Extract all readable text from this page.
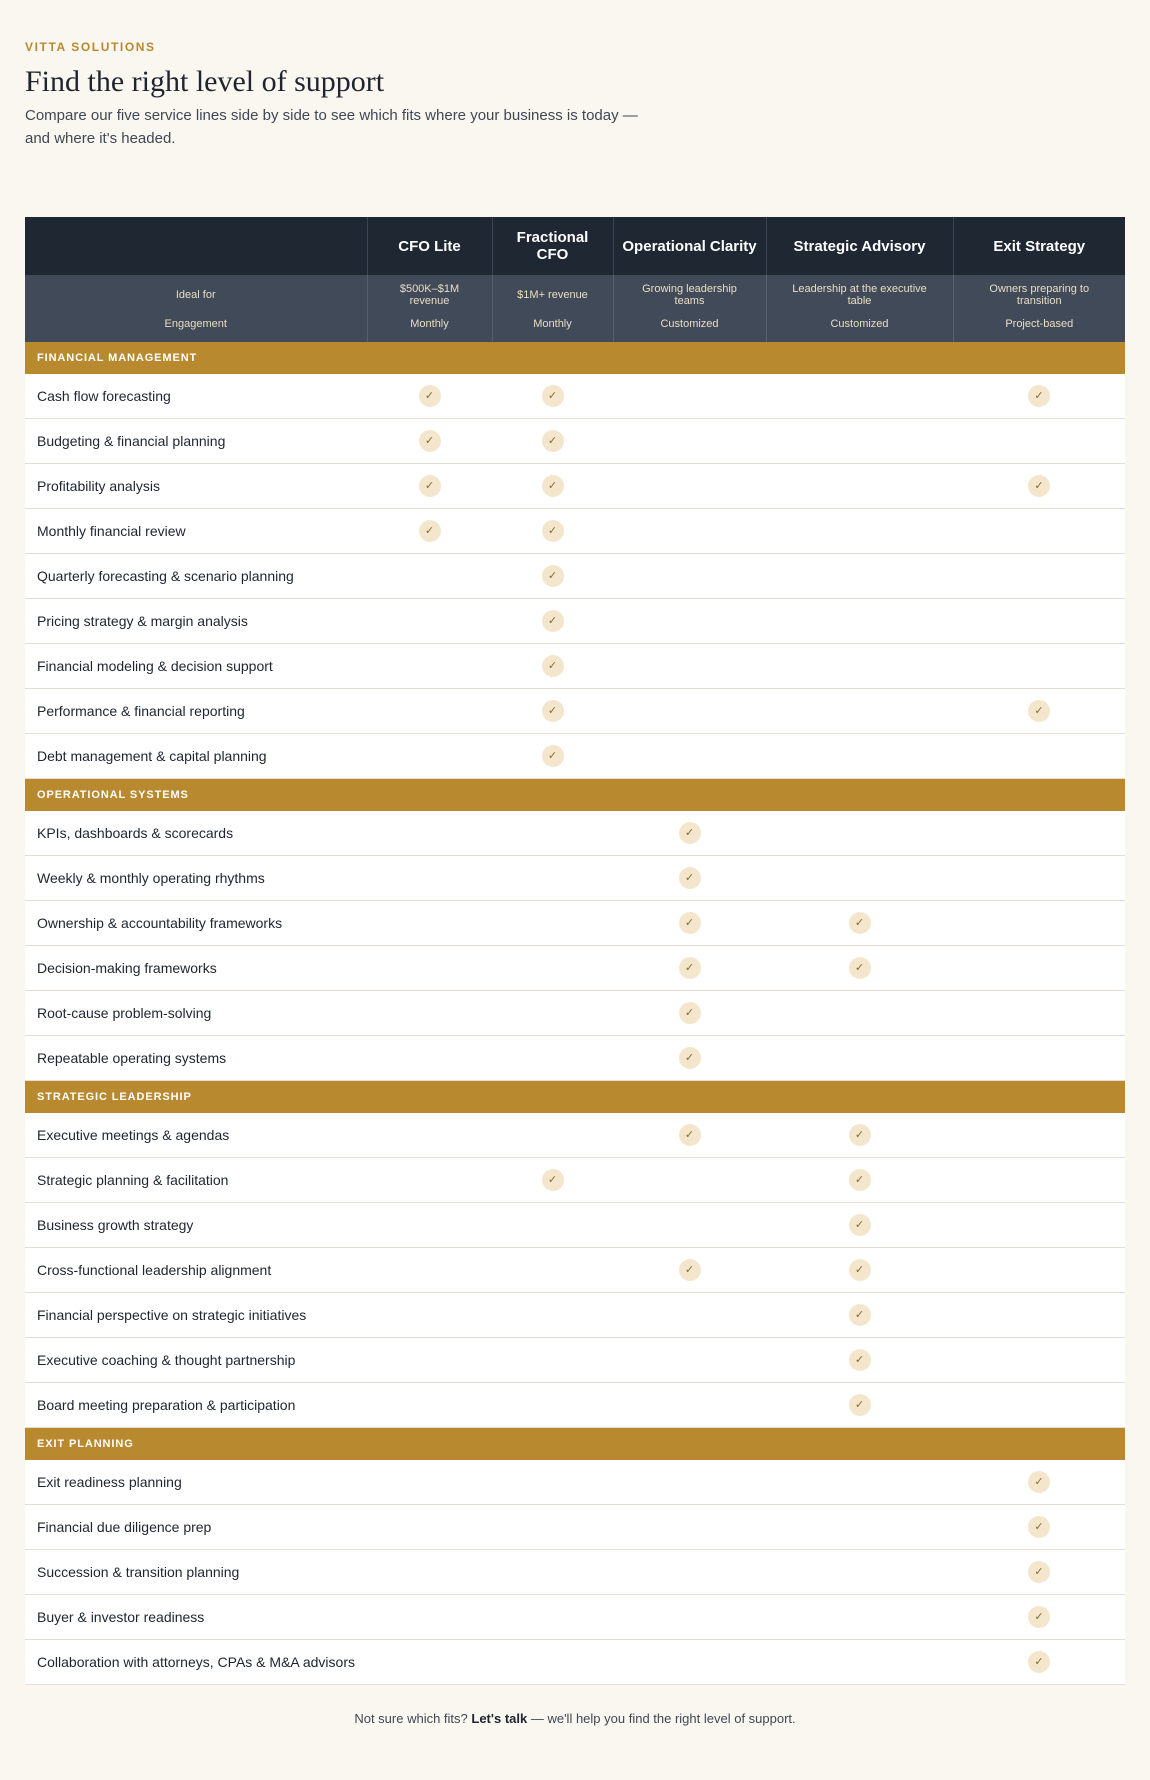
VITTA SOLUTIONS
Find the right level of support
Compare our five service lines side by side to see which fits where your business is today —
and where it's headed.
	CFO Lite	Fractional CFO	Operational Clarity	Strategic Advisory	Exit Strategy
Ideal for	$500K–$1M revenue	$1M+ revenue	Growing leadership teams	Leadership at the executive table	Owners preparing to transition
Engagement	Monthly	Monthly	Customized	Customized	Project-based
FINANCIAL MANAGEMENT					
Cash flow forecasting	✓	✓			✓
Budgeting & financial planning	✓	✓			
Profitability analysis	✓	✓			✓
Monthly financial review	✓	✓			
Quarterly forecasting & scenario planning		✓			
Pricing strategy & margin analysis		✓			
Financial modeling & decision support		✓			
Performance & financial reporting		✓			✓
Debt management & capital planning		✓			
OPERATIONAL SYSTEMS					
KPIs, dashboards & scorecards			✓		
Weekly & monthly operating rhythms			✓		
Ownership & accountability frameworks			✓	✓	
Decision-making frameworks			✓	✓	
Root-cause problem-solving			✓		
Repeatable operating systems			✓		
STRATEGIC LEADERSHIP					
Executive meetings & agendas			✓	✓	
Strategic planning & facilitation		✓		✓	
Business growth strategy				✓	
Cross-functional leadership alignment			✓	✓	
Financial perspective on strategic initiatives				✓	
Executive coaching & thought partnership				✓	
Board meeting preparation & participation				✓	
EXIT PLANNING					
Exit readiness planning					✓
Financial due diligence prep					✓
Succession & transition planning					✓
Buyer & investor readiness					✓
Collaboration with attorneys, CPAs & M&A advisors					✓
Not sure which fits? Let's talk — we'll help you find the right level of support.
